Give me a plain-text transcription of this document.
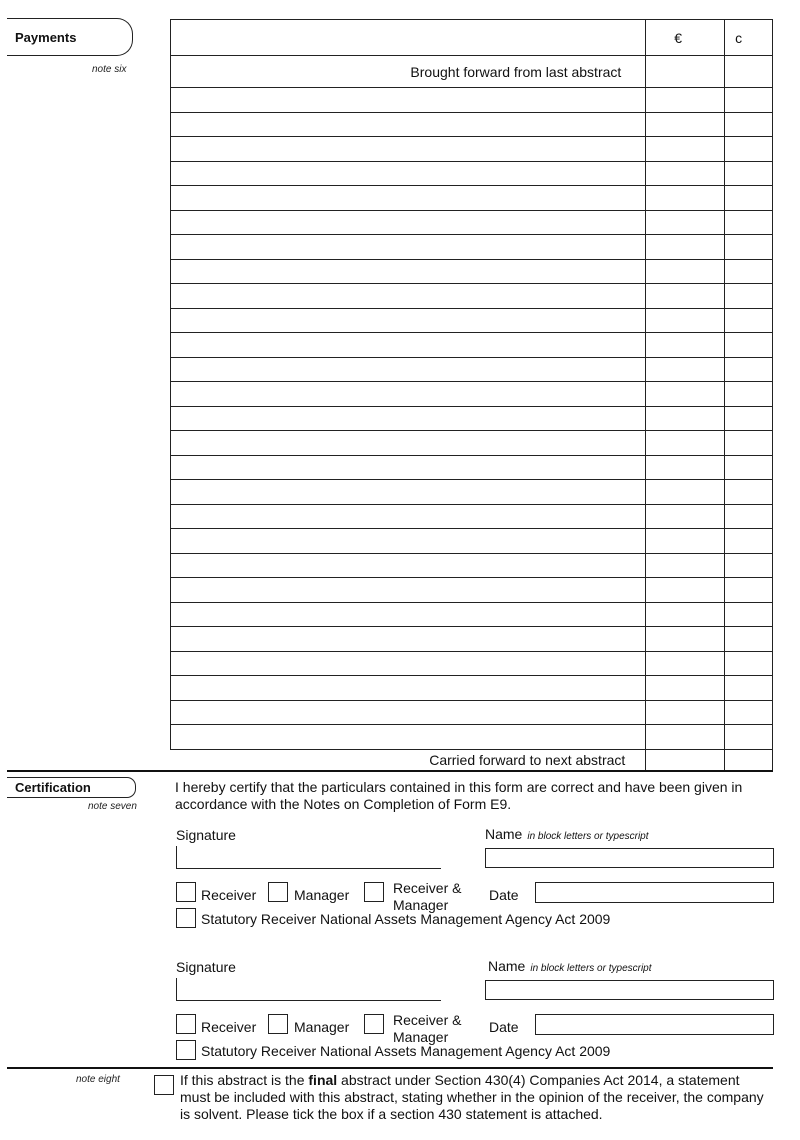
Payments
note six
	€	c
Brought forward from last abstract		

Carried forward to next abstract		
Certification
note seven
I hereby certify that the particulars contained in this form are correct and have been given in accordance with the Notes on Completion of Form E9.
Signature	Name in block letters or typescript
Receiver	Manager	Receiver &
Manager
Date
Statutory Receiver National Assets Management Agency Act 2009
Signature	Name in block letters or typescript
Receiver	Manager	Receiver &
Manager
Date
Statutory Receiver National Assets Management Agency Act 2009
note eight	If this abstract is the final abstract under Section 430(4) Companies Act 2014, a statement must be included with this abstract, stating whether in the opinion of the receiver, the company is solvent. Please tick the box if a section 430 statement is attached.
